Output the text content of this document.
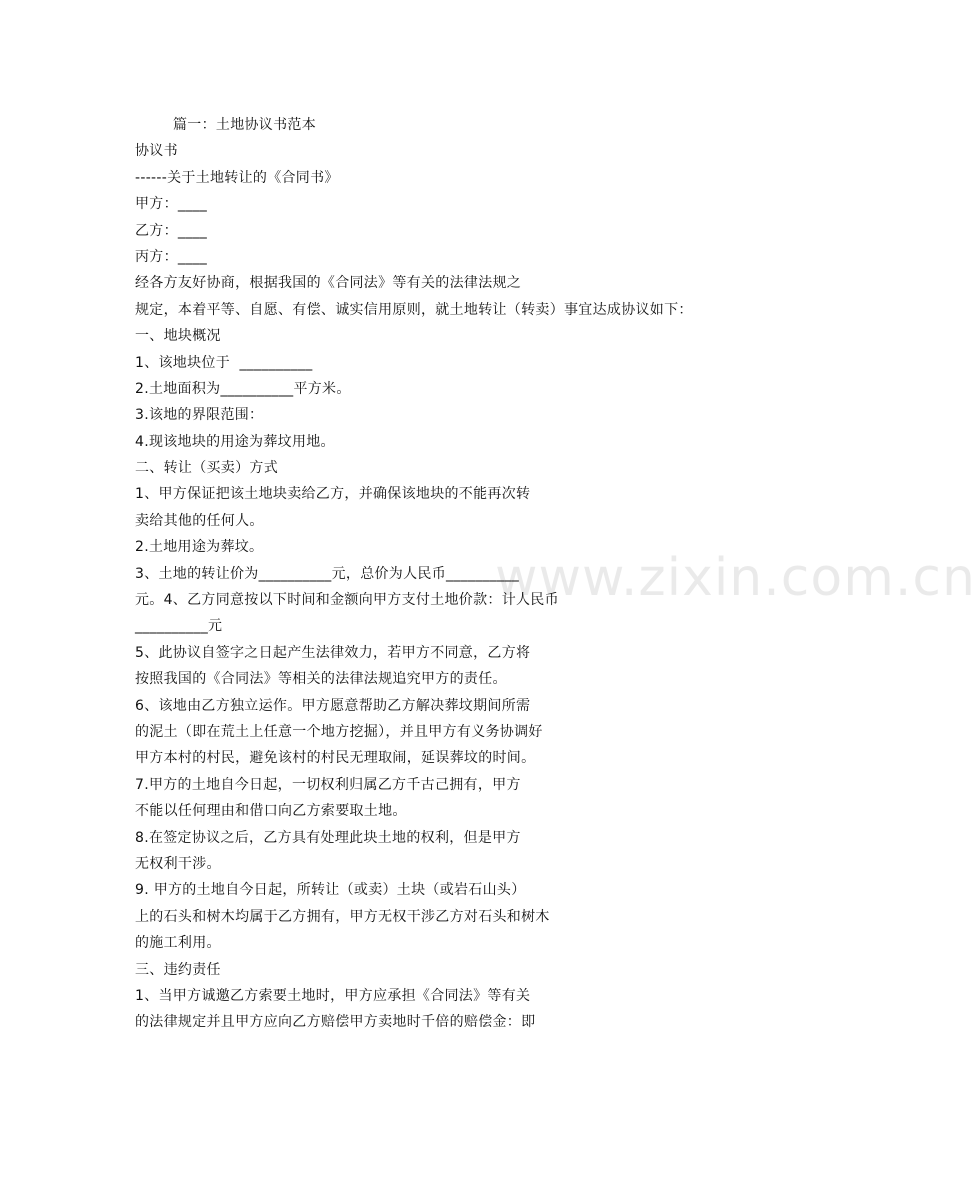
www.zixin.com.cn
篇一：土地协议书范本
协议书
------关于土地转让的《合同书》
甲方：____
乙方：____
丙方：____
经各方友好协商，根据我国的《合同法》等有关的法律法规之
规定，本着平等、自愿、有偿、诚实信用原则，就土地转让（转卖）事宜达成协议如下：
一、地块概况
1、该地块位于  __________
2.土地面积为__________平方米。
3.该地的界限范围：
4.现该地块的用途为葬坟用地。
二、转让（买卖）方式
1、甲方保证把该土地块卖给乙方，并确保该地块的不能再次转
卖给其他的任何人。
2.土地用途为葬坟。
3、土地的转让价为__________元，总价为人民币__________
元。4、乙方同意按以下时间和金额向甲方支付土地价款：计人民币
__________元
5、此协议自签字之日起产生法律效力，若甲方不同意，乙方将
按照我国的《合同法》等相关的法律法规追究甲方的责任。
6、该地由乙方独立运作。甲方愿意帮助乙方解决葬坟期间所需
的泥土（即在荒土上任意一个地方挖掘），并且甲方有义务协调好
甲方本村的村民，避免该村的村民无理取闹，延误葬坟的时间。
7.甲方的土地自今日起，一切权利归属乙方千古己拥有，甲方
不能以任何理由和借口向乙方索要取土地。
8.在签定协议之后，乙方具有处理此块土地的权利，但是甲方
无权利干涉。
9. 甲方的土地自今日起，所转让（或卖）土块（或岩石山头）
上的石头和树木均属于乙方拥有，甲方无权干涉乙方对石头和树木
的施工利用。
三、违约责任
1、当甲方诚邀乙方索要土地时，甲方应承担《合同法》等有关
的法律规定并且甲方应向乙方赔偿甲方卖地时千倍的赔偿金：即
